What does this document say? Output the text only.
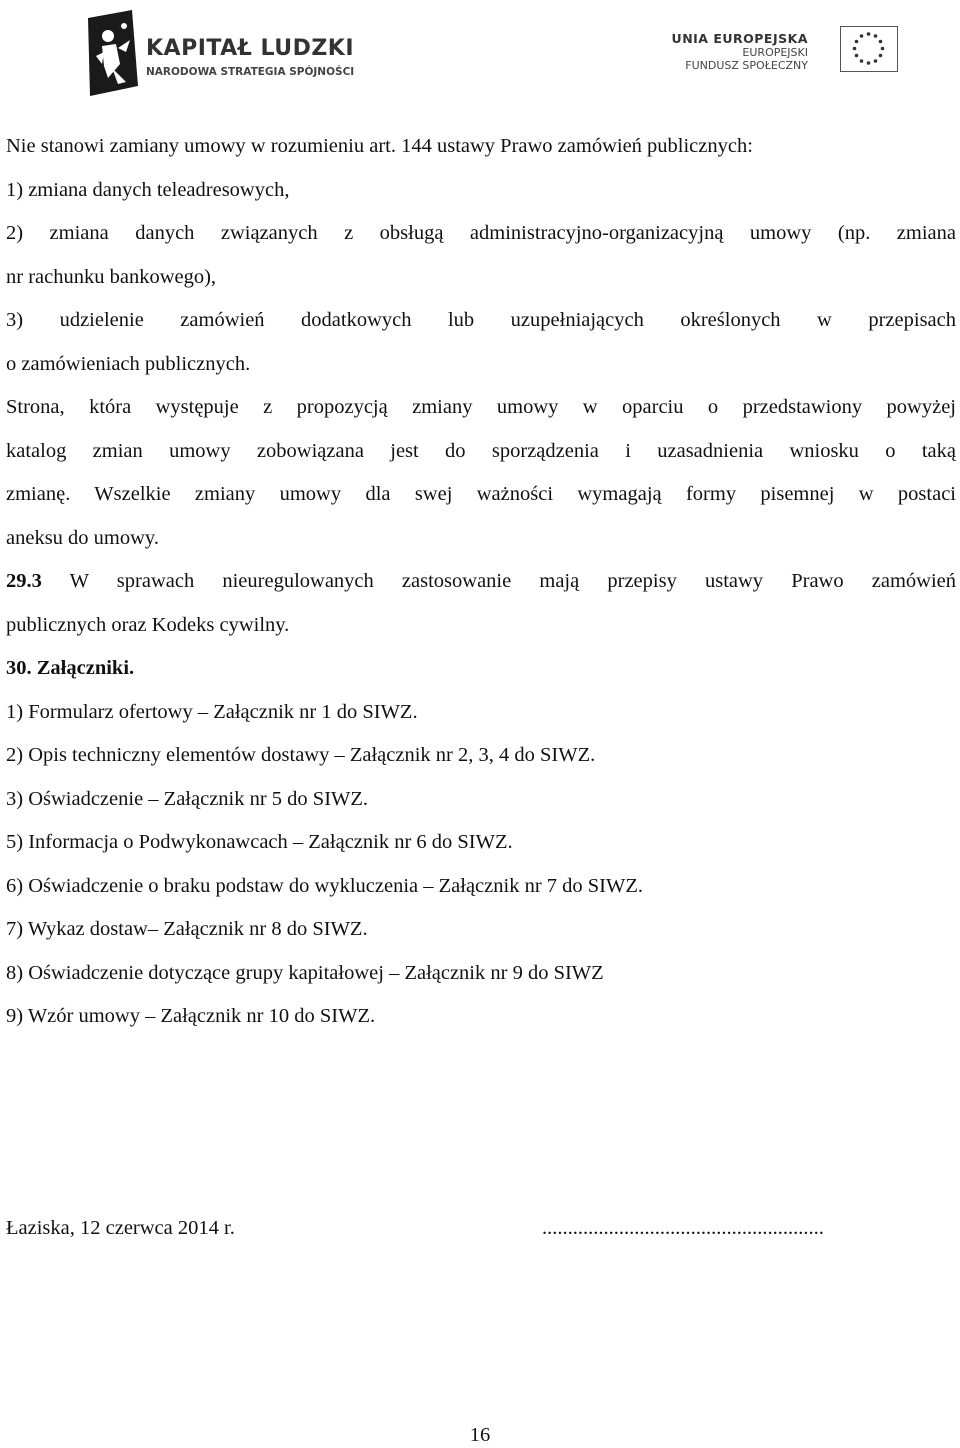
KAPITAŁ LUDZKI
NARODOWA STRATEGIA SPÓJNOŚCI
UNIA EUROPEJSKA
EUROPEJSKI
FUNDUSZ SPOŁECZNY
Nie stanowi zamiany umowy w rozumieniu art. 144 ustawy Prawo zamówień publicznych:
1) zmiana danych teleadresowych,
2) zmiana danych związanych z obsługą administracyjno-organizacyjną umowy (np. zmiana
nr rachunku bankowego),
3) udzielenie zamówień dodatkowych lub uzupełniających określonych w przepisach
o zamówieniach publicznych.
Strona, która występuje z propozycją zmiany umowy w oparciu o przedstawiony powyżej
katalog zmian umowy zobowiązana jest do sporządzenia i uzasadnienia wniosku o taką
zmianę. Wszelkie zmiany umowy dla swej ważności wymagają formy pisemnej w postaci
aneksu do umowy.
29.3 W sprawach nieuregulowanych zastosowanie mają przepisy ustawy Prawo zamówień
publicznych oraz Kodeks cywilny.
30. Załączniki.
1) Formularz ofertowy – Załącznik nr 1 do SIWZ.
2) Opis techniczny elementów dostawy – Załącznik nr 2, 3, 4 do SIWZ.
3) Oświadczenie – Załącznik nr 5 do SIWZ.
5) Informacja o Podwykonawcach – Załącznik nr 6 do SIWZ.
6) Oświadczenie o braku podstaw do wykluczenia – Załącznik nr 7 do SIWZ.
7) Wykaz dostaw– Załącznik nr 8 do SIWZ.
8) Oświadczenie dotyczące grupy kapitałowej – Załącznik nr 9 do SIWZ
9) Wzór umowy – Załącznik nr 10 do SIWZ.
Łaziska, 12 czerwca 2014 r.	.......................................................
16
